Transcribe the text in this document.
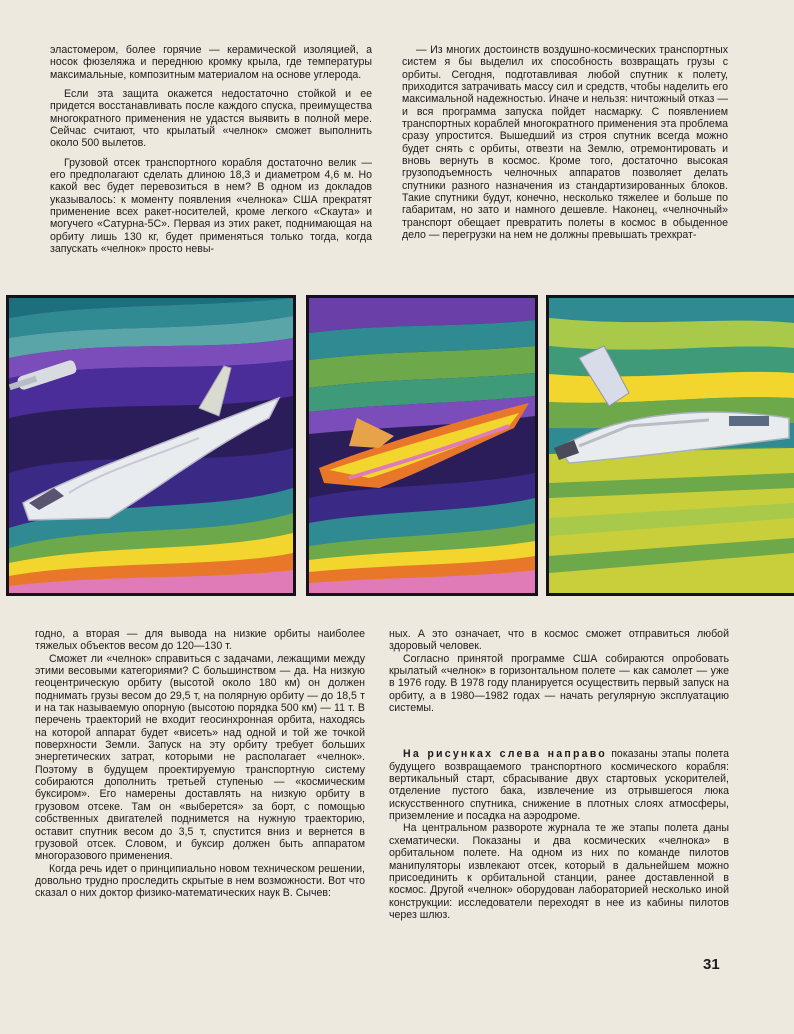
эластомером, более горячие — керамической изоляцией, а носок фюзеляжа и переднюю кромку крыла, где температуры максимальные, композитным материалом на основе углерода.

Если эта защита окажется недостаточно стойкой и ее придется восстанавливать после каждого спуска, преимущества многократного применения не удастся выявить в полной мере. Сейчас считают, что крылатый «челнок» сможет выполнить около 500 вылетов.

Грузовой отсек транспортного корабля достаточно велик — его предполагают сделать длиною 18,3 и диаметром 4,6 м. Но какой вес будет перевозиться в нем? В одном из докладов указывалось: к моменту появления «челнока» США прекратят применение всех ракет-носителей, кроме легкого «Скаута» и могучего «Сатурна-5С». Первая из этих ракет, поднимающая на орбиту лишь 130 кг, будет применяться только тогда, когда запускать «челнок» просто невы-

— Из многих достоинств воздушно-космических транспортных систем я бы выделил их способность возвращать грузы с орбиты. Сегодня, подготавливая любой спутник к полету, приходится затрачивать массу сил и средств, чтобы наделить его максимальной надежностью. Иначе и нельзя: ничтожный отказ — и вся программа запуска пойдет насмарку. С появлением транспортных кораблей многократного применения эта проблема сразу упростится. Вышедший из строя спутник всегда можно будет снять с орбиты, отвезти на Землю, отремонтировать и вновь вернуть в космос. Кроме того, достаточно высокая грузоподъемность челночных аппаратов позволяет делать спутники разного назначения из стандартизированных блоков. Такие спутники будут, конечно, несколько тяжелее и больше по габаритам, но зато и намного дешевле. Наконец, «челночный» транспорт обещает превратить полеты в космос в обыденное дело — перегрузки на нем не должны превышать трехкрат-

годно, а вторая — для вывода на низкие орбиты наиболее тяжелых объектов весом до 120—130 т.

Сможет ли «челнок» справиться с задачами, лежащими между этими весовыми категориями? С большинством — да. На низкую геоцентрическую орбиту (высотой около 180 км) он должен поднимать грузы весом до 29,5 т, на полярную орбиту — до 18,5 т и на так называемую опорную (высотою порядка 500 км) — 11 т. В перечень траекторий не входит геосинхронная орбита, находясь на которой аппарат будет «висеть» над одной и той же точкой поверхности Земли. Запуск на эту орбиту требует больших энергетических затрат, которыми не располагает «челнок». Поэтому в будущем проектируемую транспортную систему собираются дополнить третьей ступенью — «космическим буксиром». Его намерены доставлять на низкую орбиту в грузовом отсеке. Там он «выберется» за борт, с помощью собственных двигателей поднимется на нужную траекторию, оставит спутник весом до 3,5 т, спустится вниз и вернется в грузовой отсек. Словом, и буксир должен быть аппаратом многоразового применения.

Когда речь идет о принципиально новом техническом решении, довольно трудно проследить скрытые в нем возможности. Вот что сказал о них доктор физико-математических наук В. Сычев:

ных. А это означает, что в космос сможет отправиться любой здоровый человек.

Согласно принятой программе США собираются опробовать крылатый «челнок» в горизонтальном полете — как самолет — уже в 1976 году. В 1978 году планируется осуществить первый запуск на орбиту, а в 1980—1982 годах — начать регулярную эксплуатацию системы.

На рисунках слева направо показаны этапы полета будущего возвращаемого транспортного космического корабля: вертикальный старт, сбрасывание двух стартовых ускорителей, отделение пустого бака, извлечение из отрывшегося люка искусственного спутника, снижение в плотных слоях атмосферы, приземление и посадка на аэродроме.

На центральном развороте журнала те же этапы полета даны схематически. Показаны и два космических «челнока» в орбитальном полете. На одном из них по команде пилотов манипуляторы извлекают отсек, который в дальнейшем можно присоединить к орбитальной станции, ранее доставленной в космос. Другой «челнок» оборудован лабораторией несколько иной конструкции: исследователи переходят в нее из кабины пилотов через шлюз.

31
